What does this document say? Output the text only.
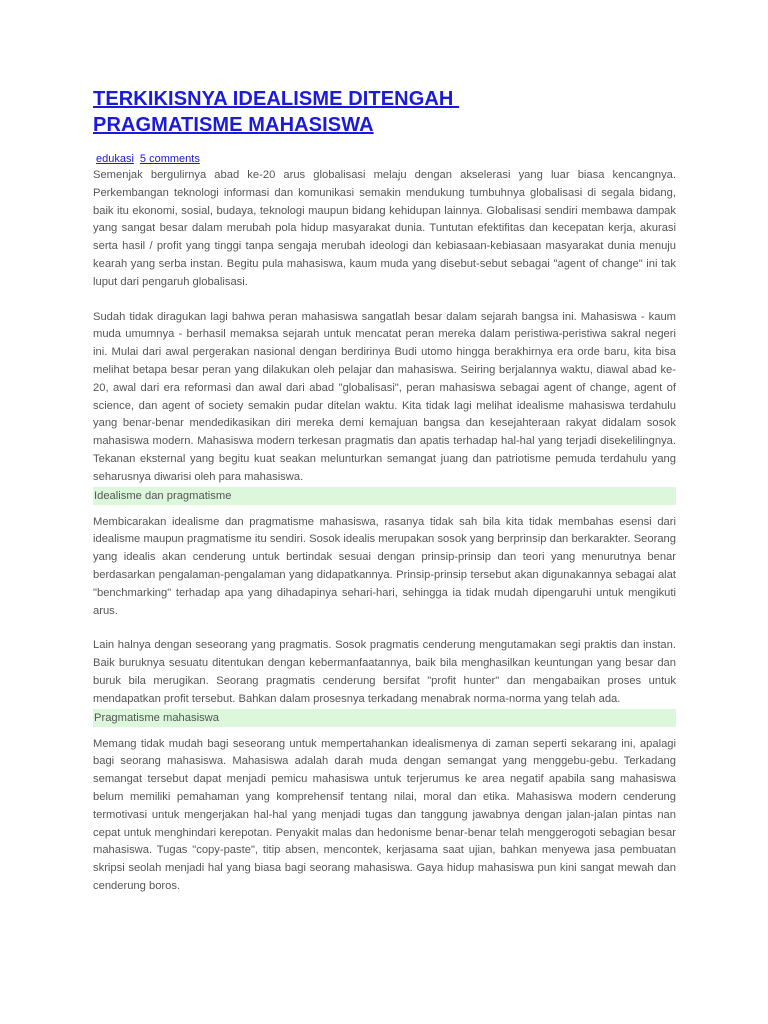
TERKIKISNYA IDEALISME DITENGAH
PRAGMATISME MAHASISWA
edukasi 5 comments

Semenjak bergulirnya abad ke-20 arus globalisasi melaju dengan akselerasi yang luar biasa kencangnya. Perkembangan teknologi informasi dan komunikasi semakin mendukung tumbuhnya globalisasi di segala bidang, baik itu ekonomi, sosial, budaya, teknologi maupun bidang kehidupan lainnya. Globalisasi sendiri membawa dampak yang sangat besar dalam merubah pola hidup masyarakat dunia. Tuntutan efektifitas dan kecepatan kerja, akurasi serta hasil / profit yang tinggi tanpa sengaja merubah ideologi dan kebiasaan-kebiasaan masyarakat dunia menuju kearah yang serba instan. Begitu pula mahasiswa, kaum muda yang disebut-sebut sebagai "agent of change" ini tak luput dari pengaruh globalisasi.

Sudah tidak diragukan lagi bahwa peran mahasiswa sangatlah besar dalam sejarah bangsa ini. Mahasiswa - kaum muda umumnya - berhasil memaksa sejarah untuk mencatat peran mereka dalam peristiwa-peristiwa sakral negeri ini. Mulai dari awal pergerakan nasional dengan berdirinya Budi utomo hingga berakhirnya era orde baru, kita bisa melihat betapa besar peran yang dilakukan oleh pelajar dan mahasiswa. Seiring berjalannya waktu, diawal abad ke-20, awal dari era reformasi dan awal dari abad "globalisasi", peran mahasiswa sebagai agent of change, agent of science, dan agent of society semakin pudar ditelan waktu. Kita tidak lagi melihat idealisme mahasiswa terdahulu yang benar-benar mendedikasikan diri mereka demi kemajuan bangsa dan kesejahteraan rakyat didalam sosok mahasiswa modern. Mahasiswa modern terkesan pragmatis dan apatis terhadap hal-hal yang terjadi disekelilingnya. Tekanan eksternal yang begitu kuat seakan melunturkan semangat juang dan patriotisme pemuda terdahulu yang seharusnya diwarisi oleh para mahasiswa.

Idealisme dan pragmatisme

Membicarakan idealisme dan pragmatisme mahasiswa, rasanya tidak sah bila kita tidak membahas esensi dari idealisme maupun pragmatisme itu sendiri. Sosok idealis merupakan sosok yang berprinsip dan berkarakter. Seorang yang idealis akan cenderung untuk bertindak sesuai dengan prinsip-prinsip dan teori yang menurutnya benar berdasarkan pengalaman-pengalaman yang didapatkannya. Prinsip-prinsip tersebut akan digunakannya sebagai alat "benchmarking" terhadap apa yang dihadapinya sehari-hari, sehingga ia tidak mudah dipengaruhi untuk mengikuti arus.

Lain halnya dengan seseorang yang pragmatis. Sosok pragmatis cenderung mengutamakan segi praktis dan instan. Baik buruknya sesuatu ditentukan dengan kebermanfaatannya, baik bila menghasilkan keuntungan yang besar dan buruk bila merugikan. Seorang pragmatis cenderung bersifat "profit hunter" dan mengabaikan proses untuk mendapatkan profit tersebut. Bahkan dalam prosesnya terkadang menabrak norma-norma yang telah ada.

Pragmatisme mahasiswa

Memang tidak mudah bagi seseorang untuk mempertahankan idealismenya di zaman seperti sekarang ini, apalagi bagi seorang mahasiswa. Mahasiswa adalah darah muda dengan semangat yang menggebu-gebu. Terkadang semangat tersebut dapat menjadi pemicu mahasiswa untuk terjerumus ke area negatif apabila sang mahasiswa belum memiliki pemahaman yang komprehensif tentang nilai, moral dan etika. Mahasiswa modern cenderung termotivasi untuk mengerjakan hal-hal yang menjadi tugas dan tanggung jawabnya dengan jalan-jalan pintas nan cepat untuk menghindari kerepotan. Penyakit malas dan hedonisme benar-benar telah menggerogoti sebagian besar mahasiswa. Tugas "copy-paste", titip absen, mencontek, kerjasama saat ujian, bahkan menyewa jasa pembuatan skripsi seolah menjadi hal yang biasa bagi seorang mahasiswa. Gaya hidup mahasiswa pun kini sangat mewah dan cenderung boros.
